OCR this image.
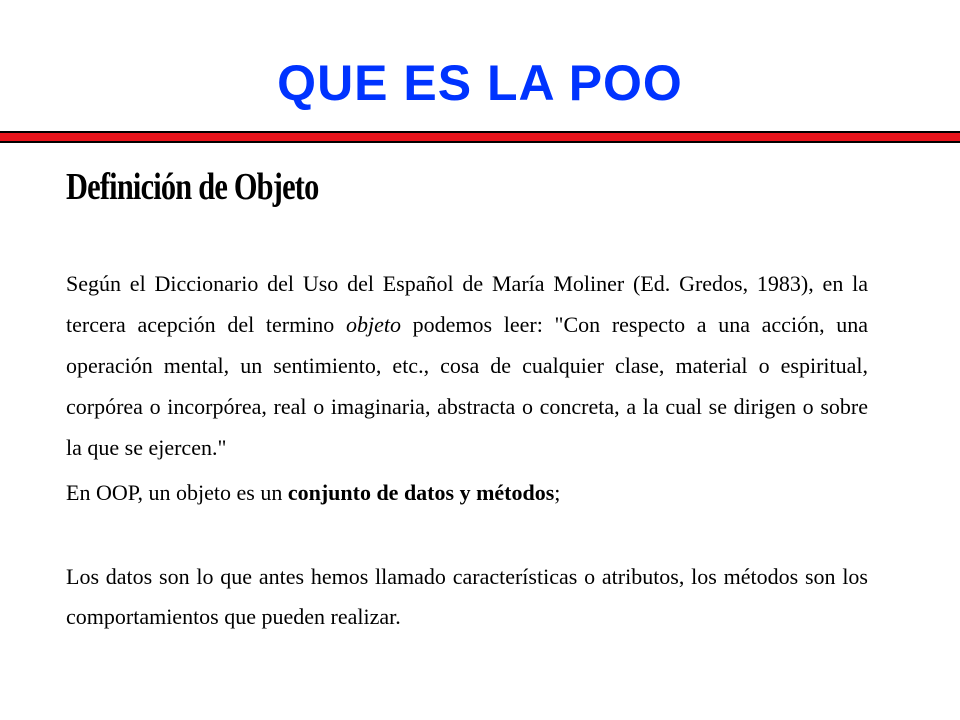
QUE ES LA POO
Definición de Objeto
Según el Diccionario del Uso del Español de María Moliner (Ed. Gredos, 1983), en la tercera acepción del termino objeto podemos leer: "Con respecto a una acción, una operación mental, un sentimiento, etc., cosa de cualquier clase, material o espiritual, corpórea o incorpórea, real o imaginaria, abstracta o concreta, a la cual se dirigen o sobre la que se ejercen."
En OOP, un objeto es un conjunto de datos y métodos;
Los datos son lo que antes hemos llamado características o atributos, los métodos son los comportamientos que pueden realizar.
